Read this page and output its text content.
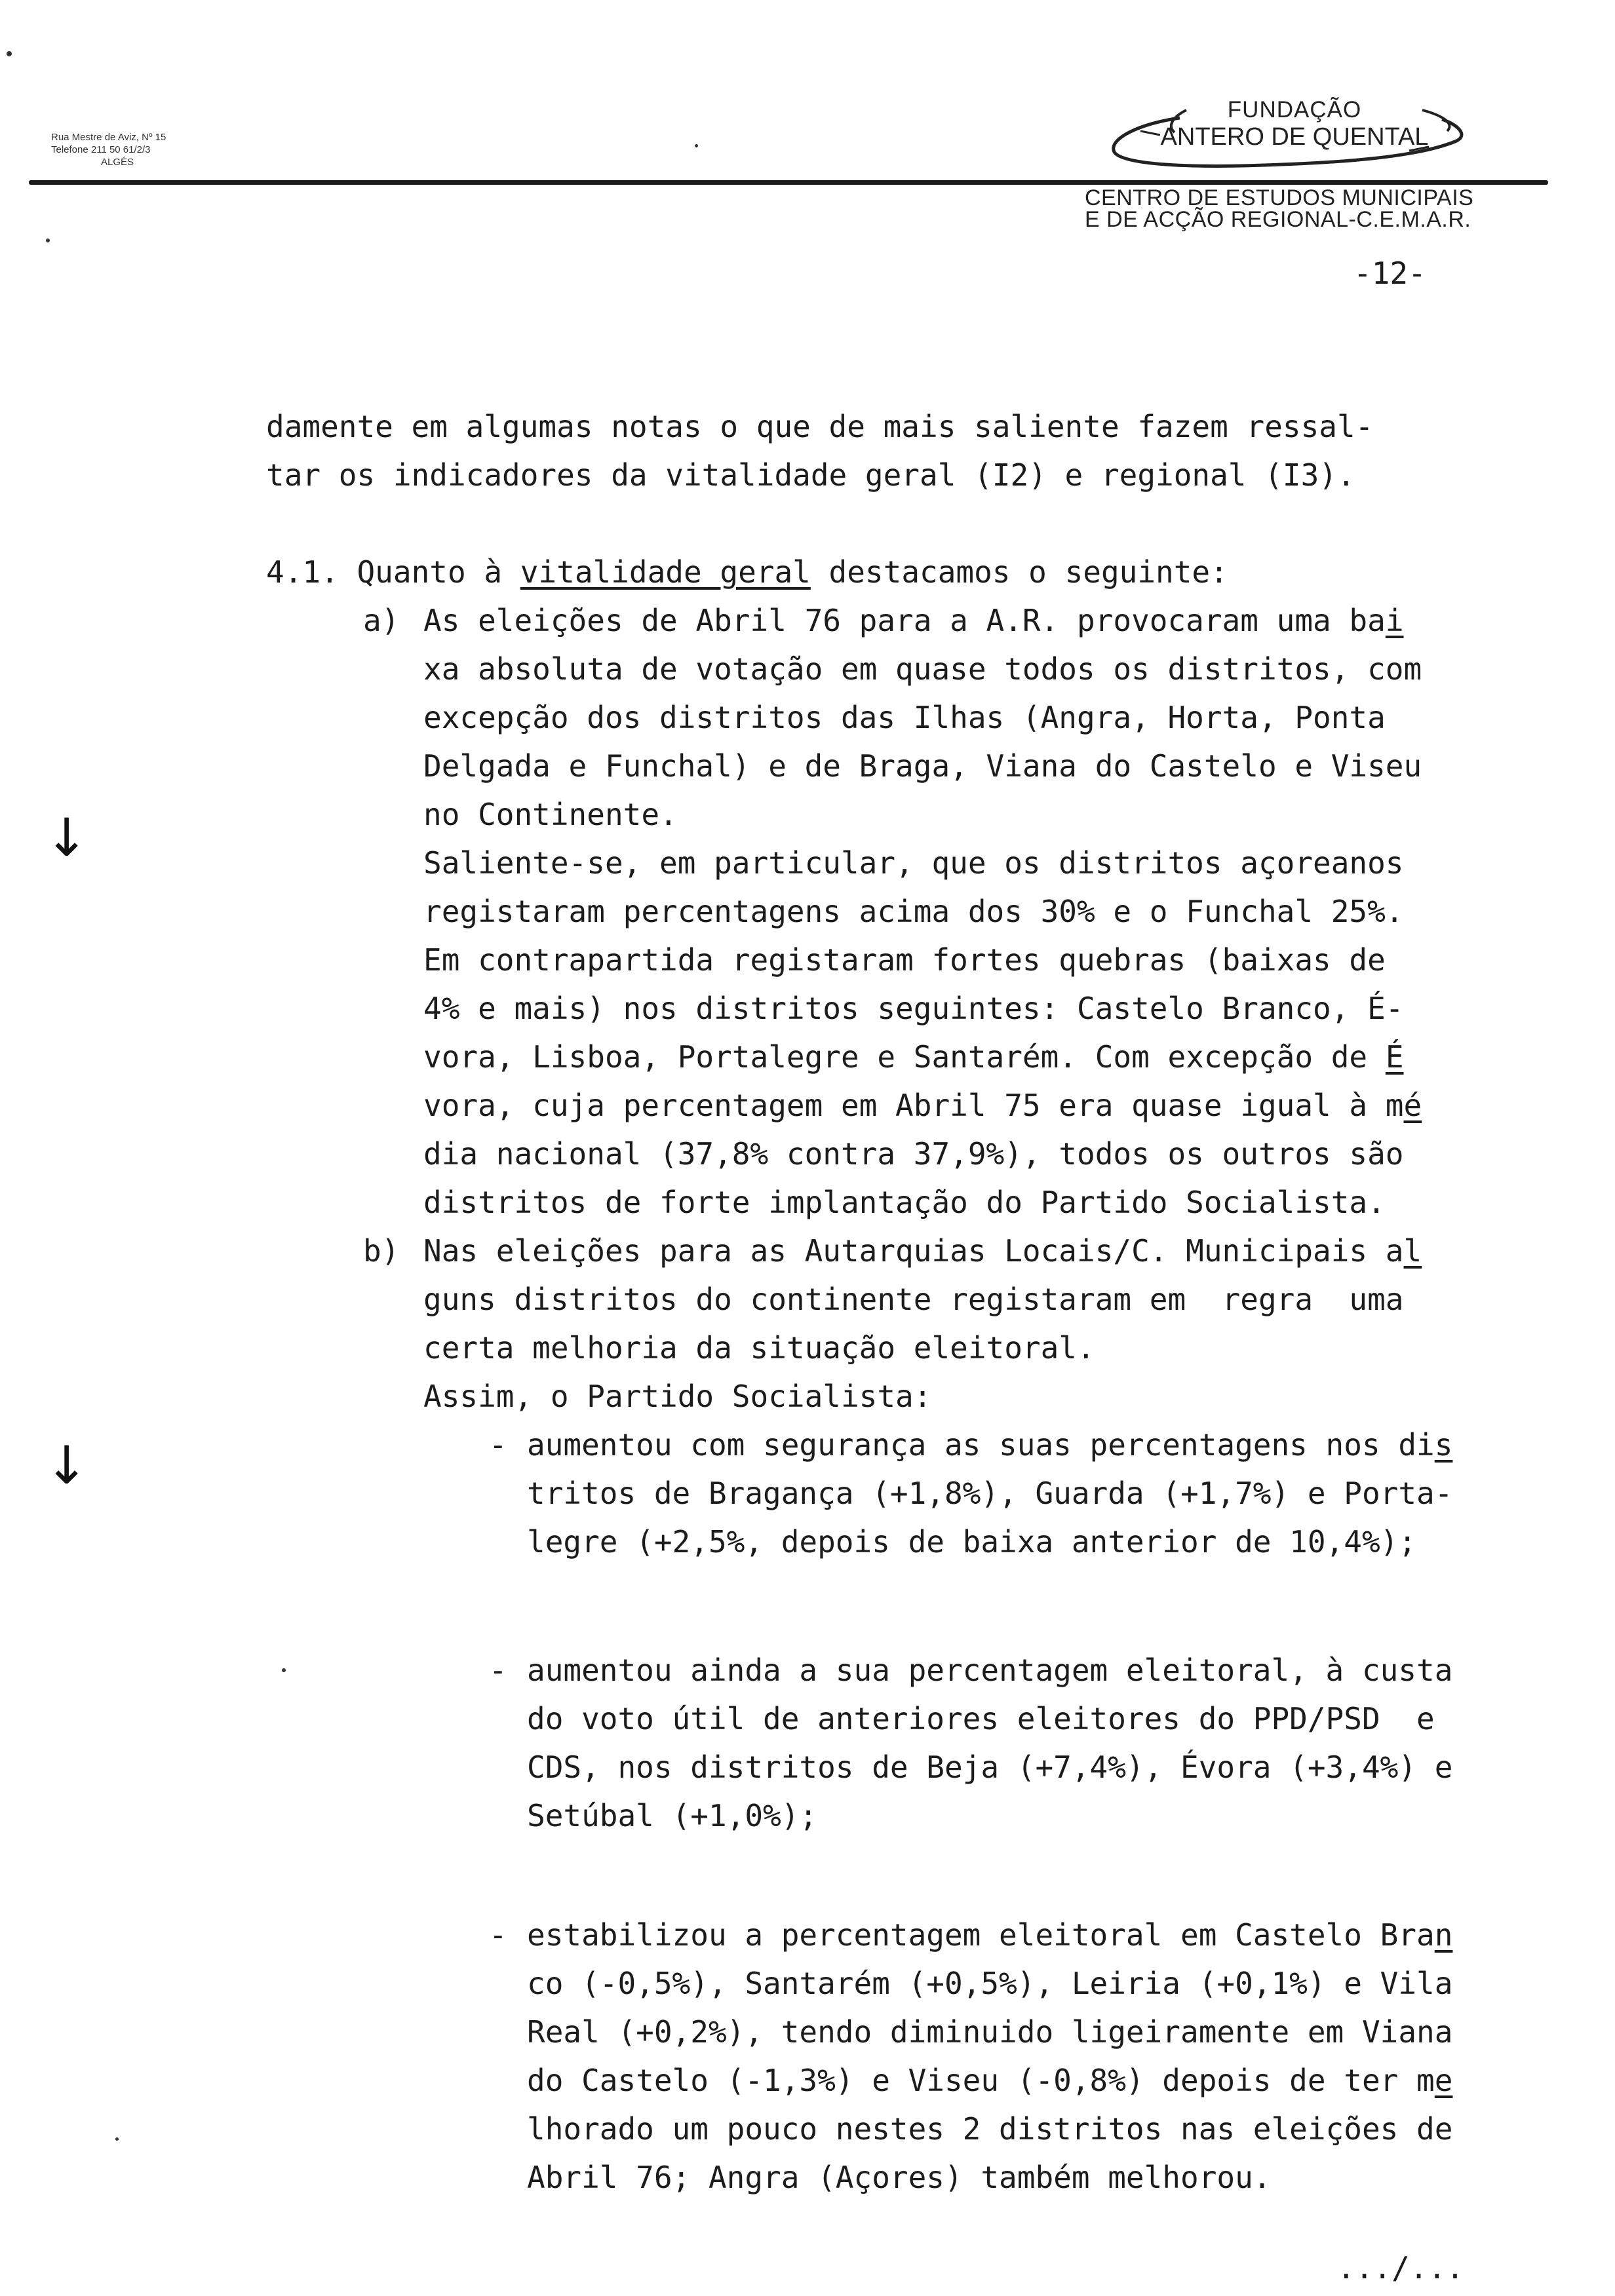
Rua Mestre de Aviz, Nº 15
Telefone 211 50 61/2/3
ALGÉS
FUNDAÇÃO
ANTERO DE QUENTAL
CENTRO DE ESTUDOS MUNICIPAIS
E DE ACÇÃO REGIONAL-C.E.M.A.R.
-12-
damente em algumas notas o que de mais saliente fazem ressal-
tar os indicadores da vitalidade geral (I2) e regional (I3).
4.1. Quanto à vitalidade geral destacamos o seguinte:
a) As eleições de Abril 76 para a A.R. provocaram uma bai
xa absoluta de votação em quase todos os distritos, com
excepção dos distritos das Ilhas (Angra, Horta, Ponta
Delgada e Funchal) e de Braga, Viana do Castelo e Viseu
no Continente.
Saliente-se, em particular, que os distritos açoreanos
registaram percentagens acima dos 30% e o Funchal 25%.
Em contrapartida registaram fortes quebras (baixas de
4% e mais) nos distritos seguintes: Castelo Branco, É-
vora, Lisboa, Portalegre e Santarém. Com excepção de É
vora, cuja percentagem em Abril 75 era quase igual à mé
dia nacional (37,8% contra 37,9%), todos os outros são
distritos de forte implantação do Partido Socialista.
b) Nas eleições para as Autarquias Locais/C. Municipais al
guns distritos do continente registaram em  regra  uma
certa melhoria da situação eleitoral.
Assim, o Partido Socialista:
- aumentou com segurança as suas percentagens nos dis
tritos de Bragança (+1,8%), Guarda (+1,7%) e Porta-
legre (+2,5%, depois de baixa anterior de 10,4%);
- aumentou ainda a sua percentagem eleitoral, à custa
do voto útil de anteriores eleitores do PPD/PSD  e
CDS, nos distritos de Beja (+7,4%), Évora (+3,4%) e
Setúbal (+1,0%);
- estabilizou a percentagem eleitoral em Castelo Bran
co (-0,5%), Santarém (+0,5%), Leiria (+0,1%) e Vila
Real (+0,2%), tendo diminuido ligeiramente em Viana
do Castelo (-1,3%) e Viseu (-0,8%) depois de ter me
lhorado um pouco nestes 2 distritos nas eleições de
Abril 76; Angra (Açores) também melhorou.
.../...
↓
↓
